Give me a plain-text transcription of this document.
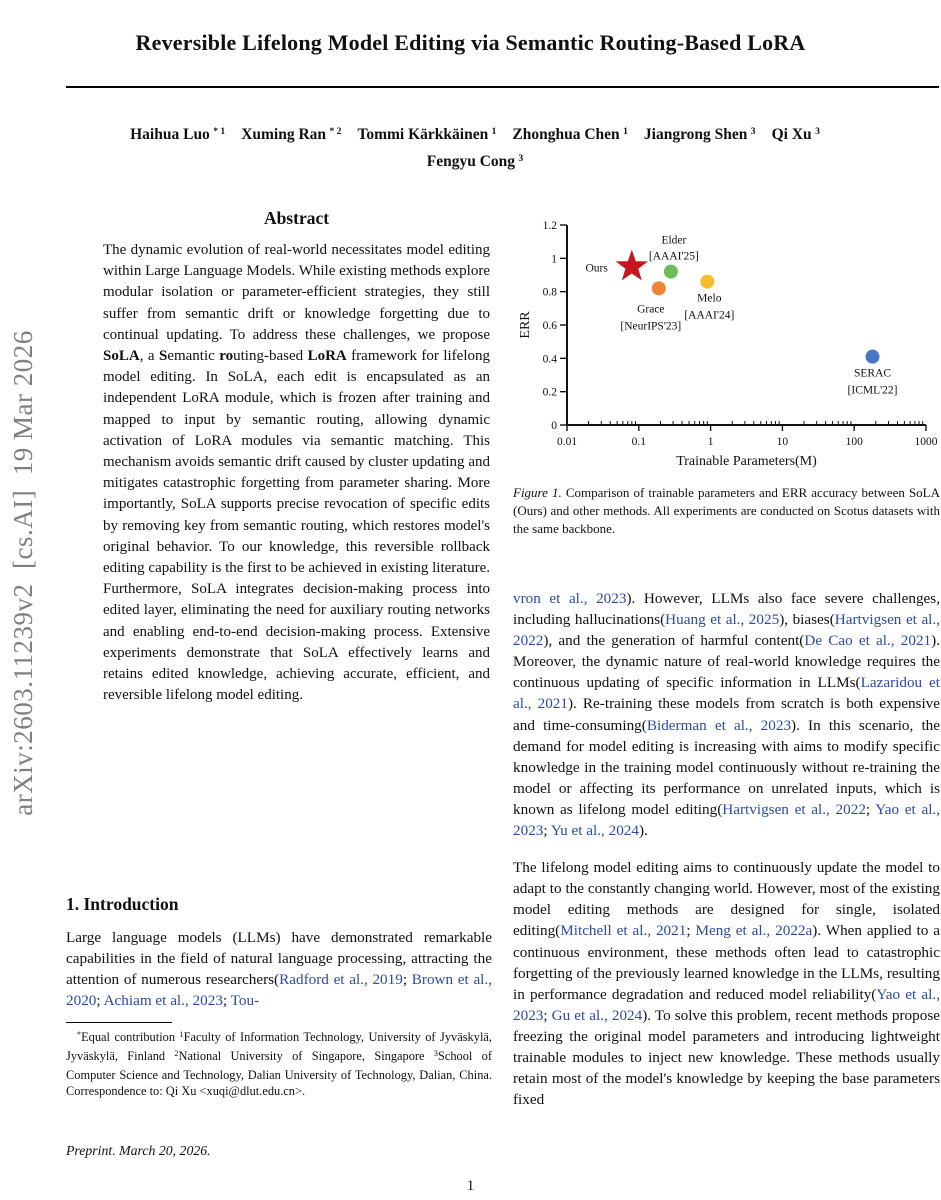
arXiv:2603.11239v2  [cs.AI]  19 Mar 2026
Reversible Lifelong Model Editing via Semantic Routing-Based LoRA
Haihua Luo $^{* 1}$ Xuming Ran $^{* 2}$ Tommi Kärkkäinen $^1$ Zhonghua Chen $^1$ Jiangrong Shen $^3$ Qi Xu $^3$
Fengyu Cong $^3$
Abstract
The dynamic evolution of real-world necessitates model editing within Large Language Models. While existing methods explore modular isolation or parameter-efficient strategies, they still suffer from semantic drift or knowledge forgetting due to continual updating. To address these challenges, we propose SoLA, a Semantic routing-based LoRA framework for lifelong model editing. In SoLA, each edit is encapsulated as an independent LoRA module, which is frozen after training and mapped to input by semantic routing, allowing dynamic activation of LoRA modules via semantic matching. This mechanism avoids semantic drift caused by cluster updating and mitigates catastrophic forgetting from parameter sharing. More importantly, SoLA supports precise revocation of specific edits by removing key from semantic routing, which restores model's original behavior. To our knowledge, this reversible rollback editing capability is the first to be achieved in existing literature. Furthermore, SoLA integrates decision-making process into edited layer, eliminating the need for auxiliary routing networks and enabling end-to-end decision-making process. Extensive experiments demonstrate that SoLA effectively learns and retains edited knowledge, achieving accurate, efficient, and reversible lifelong model editing.
1. Introduction
Large language models (LLMs) have demonstrated remarkable capabilities in the field of natural language processing, attracting the attention of numerous researchers(Radford et al., 2019; Brown et al., 2020; Achiam et al., 2023; Tou-
*Equal contribution $^1$Faculty of Information Technology, University of Jyväskylä, Jyväskylä, Finland $^2$National University of Singapore, Singapore $^3$School of Computer Science and Technology, Dalian University of Technology, Dalian, China. Correspondence to: Qi Xu <xuqi@dlut.edu.cn>.
Preprint. March 20, 2026.
0
0.2
0.4
0.6
0.8
1
1.2
0.01	0.1	1	10	100	1000
Trainable Parameters(M)
ERR
Ours
Elder
[AAAI'25]
Grace
[NeurIPS'23]
Melo
[AAAI'24]
SERAC
[ICML'22]
Figure 1. Comparison of trainable parameters and ERR accuracy between SoLA (Ours) and other methods. All experiments are conducted on Scotus datasets with the same backbone.
vron et al., 2023). However, LLMs also face severe challenges, including hallucinations(Huang et al., 2025), biases(Hartvigsen et al., 2022), and the generation of harmful content(De Cao et al., 2021). Moreover, the dynamic nature of real-world knowledge requires the continuous updating of specific information in LLMs(Lazaridou et al., 2021). Re-training these models from scratch is both expensive and time-consuming(Biderman et al., 2023). In this scenario, the demand for model editing is increasing with aims to modify specific knowledge in the training model continuously without re-training the model or affecting its performance on unrelated inputs, which is known as lifelong model editing(Hartvigsen et al., 2022; Yao et al., 2023; Yu et al., 2024).
The lifelong model editing aims to continuously update the model to adapt to the constantly changing world. However, most of the existing model editing methods are designed for single, isolated editing(Mitchell et al., 2021; Meng et al., 2022a). When applied to a continuous environment, these methods often lead to catastrophic forgetting of the previously learned knowledge in the LLMs, resulting in performance degradation and reduced model reliability(Yao et al., 2023; Gu et al., 2024). To solve this problem, recent methods propose freezing the original model parameters and introducing lightweight trainable modules to inject new knowledge. These methods usually retain most of the model's knowledge by keeping the base parameters fixed
1
